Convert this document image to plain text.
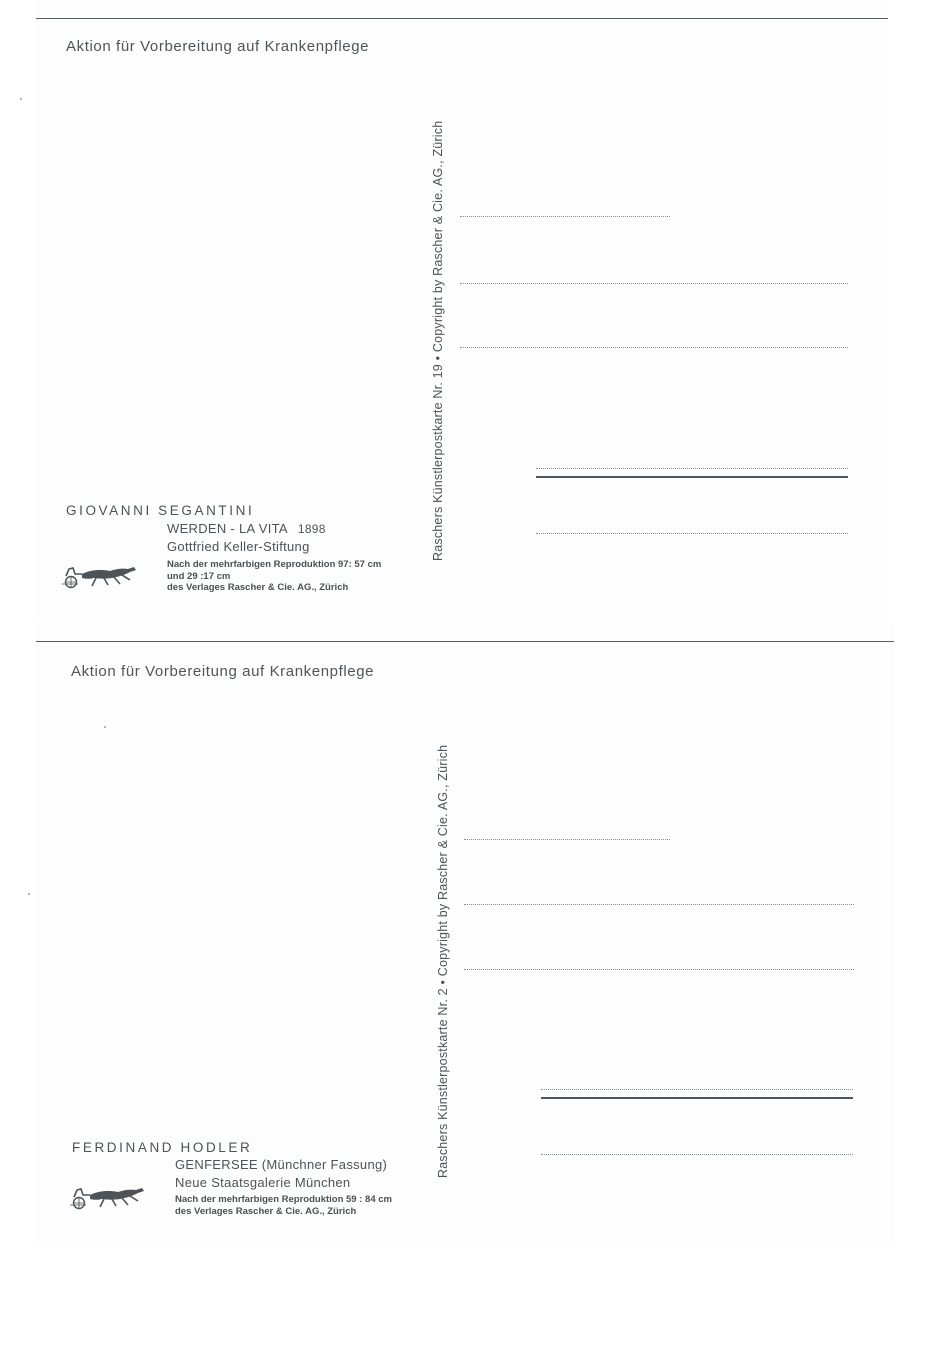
Aktion für Vorbereitung auf Krankenpflege
GIOVANNI SEGANTINI
WERDEN - LA VITA 1898
Gottfried Keller-Stiftung
Nach der mehrfarbigen Reproduktion 97: 57 cm
und 29 :17 cm
des Verlages Rascher & Cie. AG., Zürich
Raschers Künstlerpostkarte Nr. 19 • Copyright by Rascher & Cie. AG., Zürich
Aktion für Vorbereitung auf Krankenpflege
FERDINAND HODLER
GENFERSEE (Münchner Fassung)
Neue Staatsgalerie München
Nach der mehrfarbigen Reproduktion 59 : 84 cm
des Verlages Rascher & Cie. AG., Zürich
Raschers Künstlerpostkarte Nr. 2 • Copyright by Rascher & Cie. AG., Zürich
